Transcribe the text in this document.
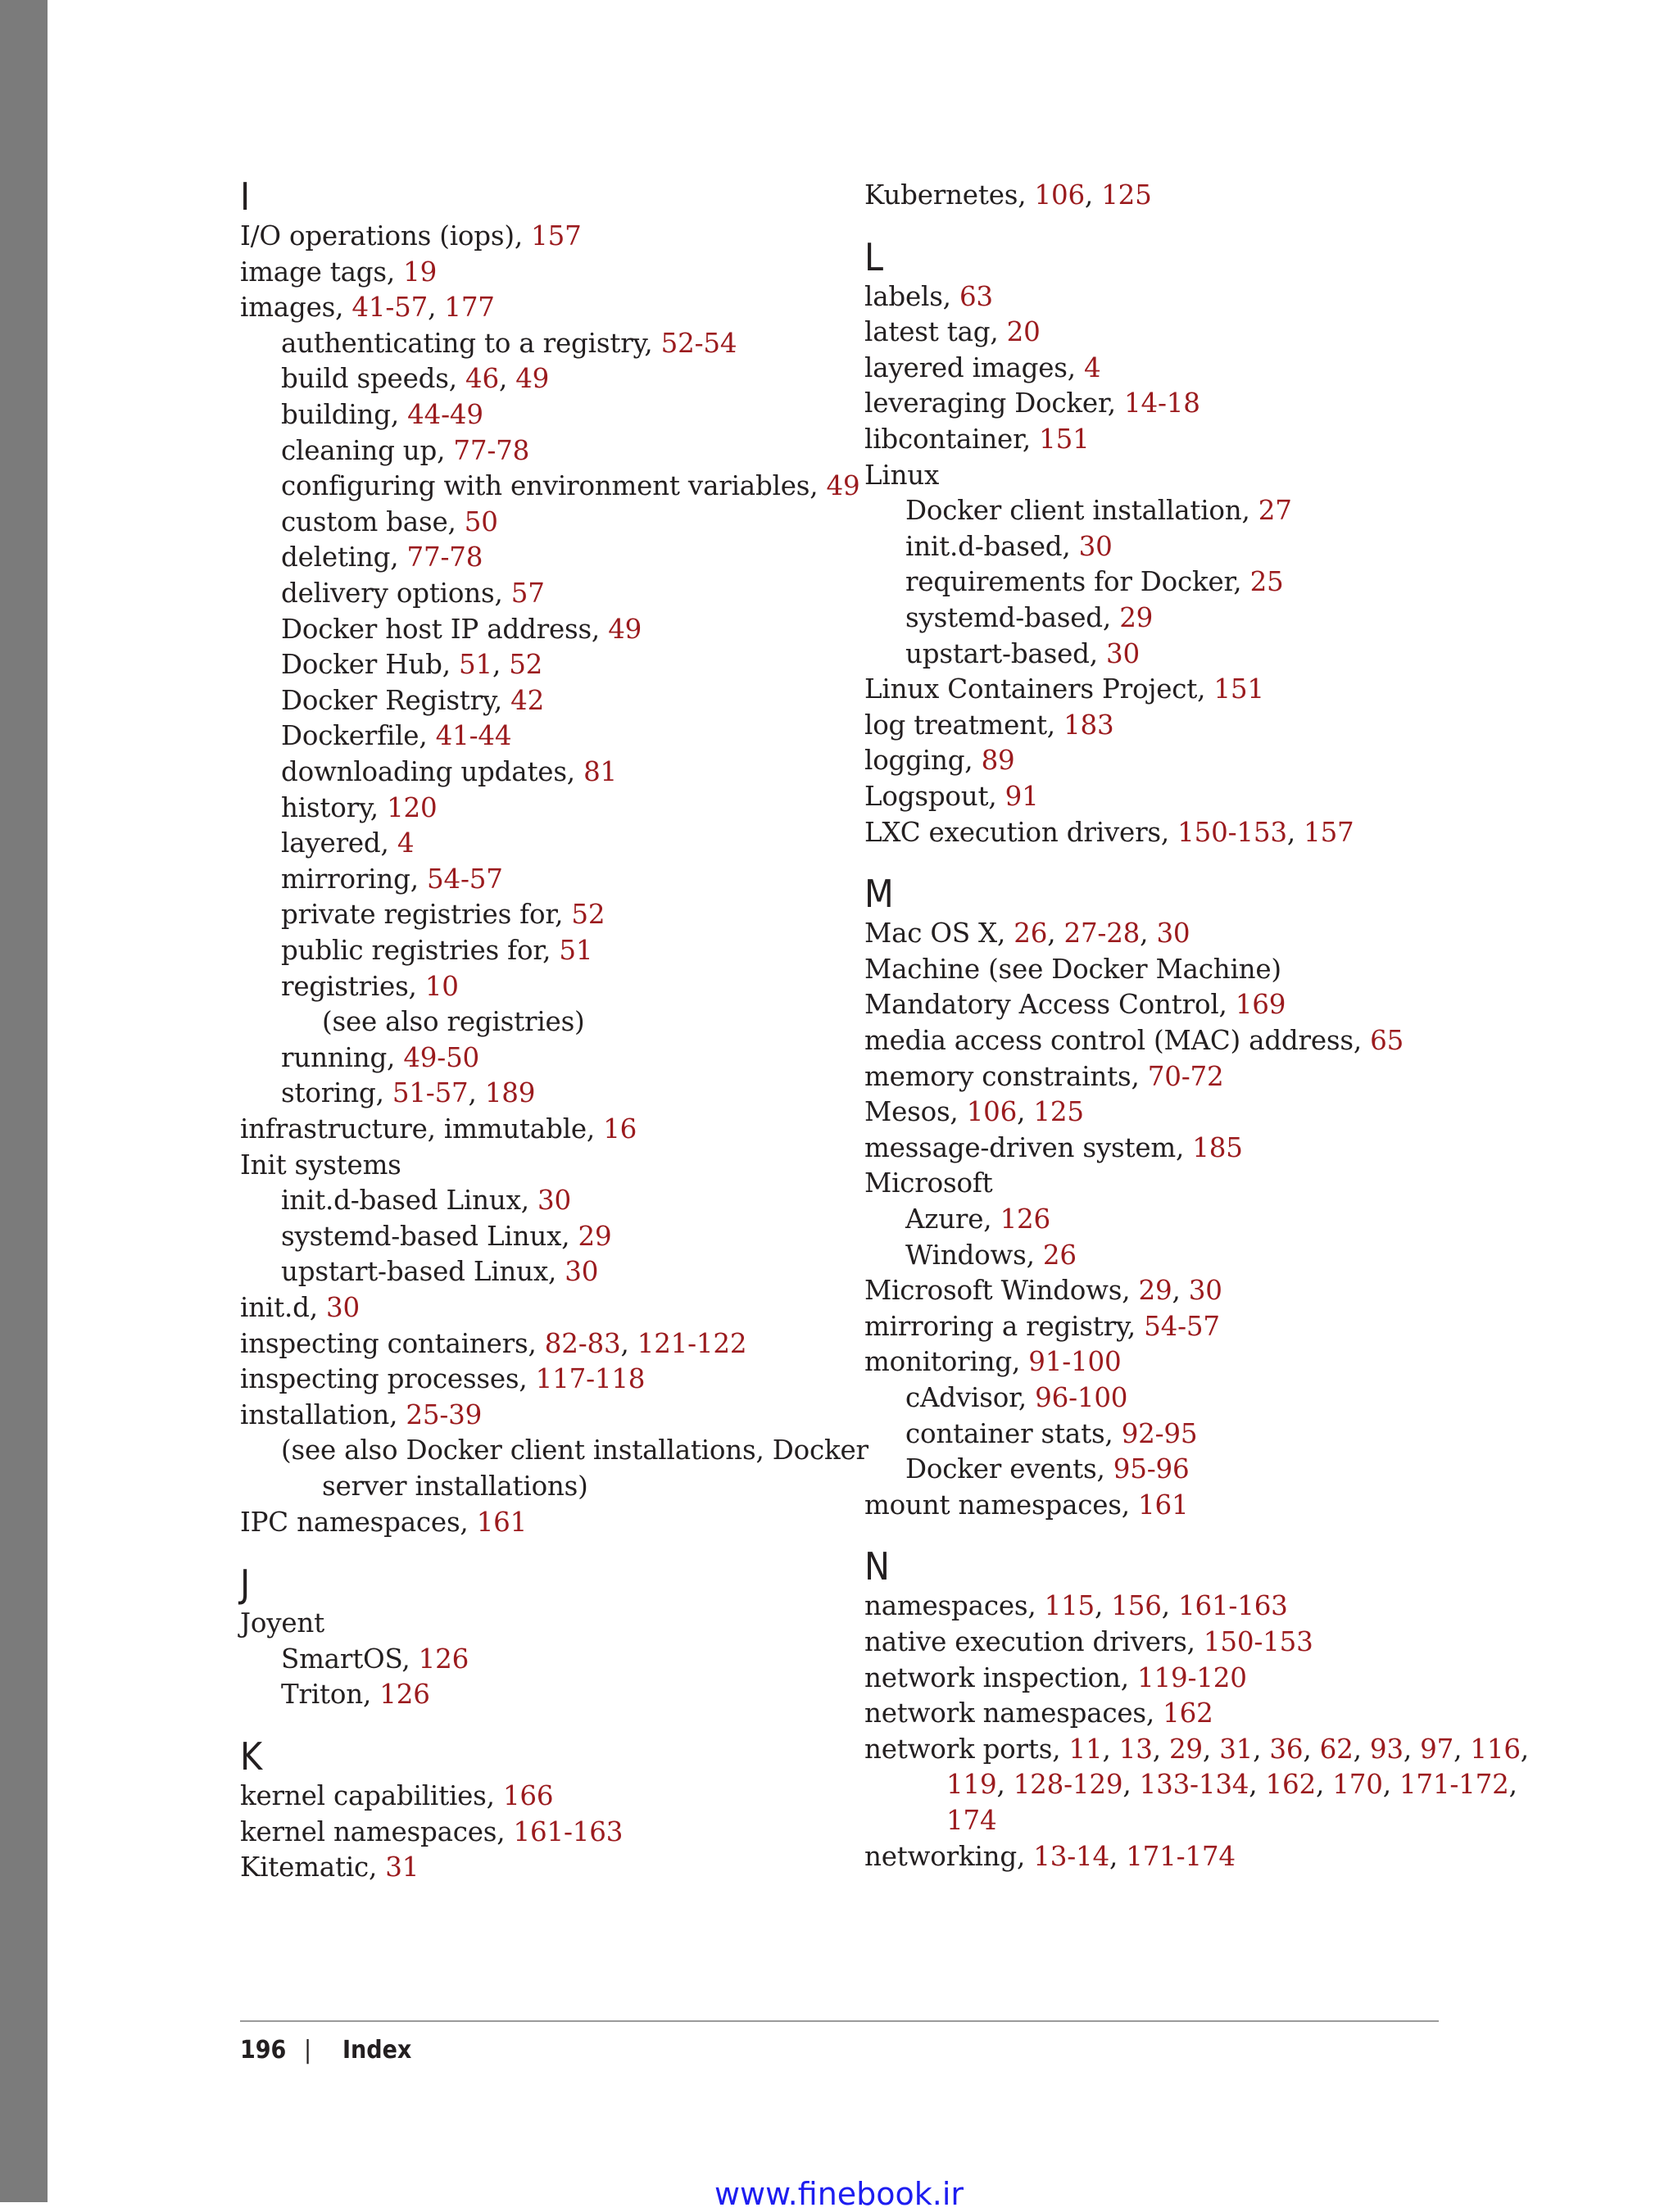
I
I/O operations (iops), 157
image tags, 19
images, 41-57, 177
authenticating to a registry, 52-54
build speeds, 46, 49
building, 44-49
cleaning up, 77-78
configuring with environment variables, 49
custom base, 50
deleting, 77-78
delivery options, 57
Docker host IP address, 49
Docker Hub, 51, 52
Docker Registry, 42
Dockerfile, 41-44
downloading updates, 81
history, 120
layered, 4
mirroring, 54-57
private registries for, 52
public registries for, 51
registries, 10
(see also registries)
running, 49-50
storing, 51-57, 189
infrastructure, immutable, 16
Init systems
init.d-based Linux, 30
systemd-based Linux, 29
upstart-based Linux, 30
init.d, 30
inspecting containers, 82-83, 121-122
inspecting processes, 117-118
installation, 25-39
(see also Docker client installations, Docker
server installations)
IPC namespaces, 161
J
Joyent
SmartOS, 126
Triton, 126
K
kernel capabilities, 166
kernel namespaces, 161-163
Kitematic, 31
Kubernetes, 106, 125
L
labels, 63
latest tag, 20
layered images, 4
leveraging Docker, 14-18
libcontainer, 151
Linux
Docker client installation, 27
init.d-based, 30
requirements for Docker, 25
systemd-based, 29
upstart-based, 30
Linux Containers Project, 151
log treatment, 183
logging, 89
Logspout, 91
LXC execution drivers, 150-153, 157
M
Mac OS X, 26, 27-28, 30
Machine (see Docker Machine)
Mandatory Access Control, 169
media access control (MAC) address, 65
memory constraints, 70-72
Mesos, 106, 125
message-driven system, 185
Microsoft
Azure, 126
Windows, 26
Microsoft Windows, 29, 30
mirroring a registry, 54-57
monitoring, 91-100
cAdvisor, 96-100
container stats, 92-95
Docker events, 95-96
mount namespaces, 161
N
namespaces, 115, 156, 161-163
native execution drivers, 150-153
network inspection, 119-120
network namespaces, 162
network ports, 11, 13, 29, 31, 36, 62, 93, 97, 116,
119, 128-129, 133-134, 162, 170, 171-172,
174
networking, 13-14, 171-174
196 | Index
www.finebook.ir
